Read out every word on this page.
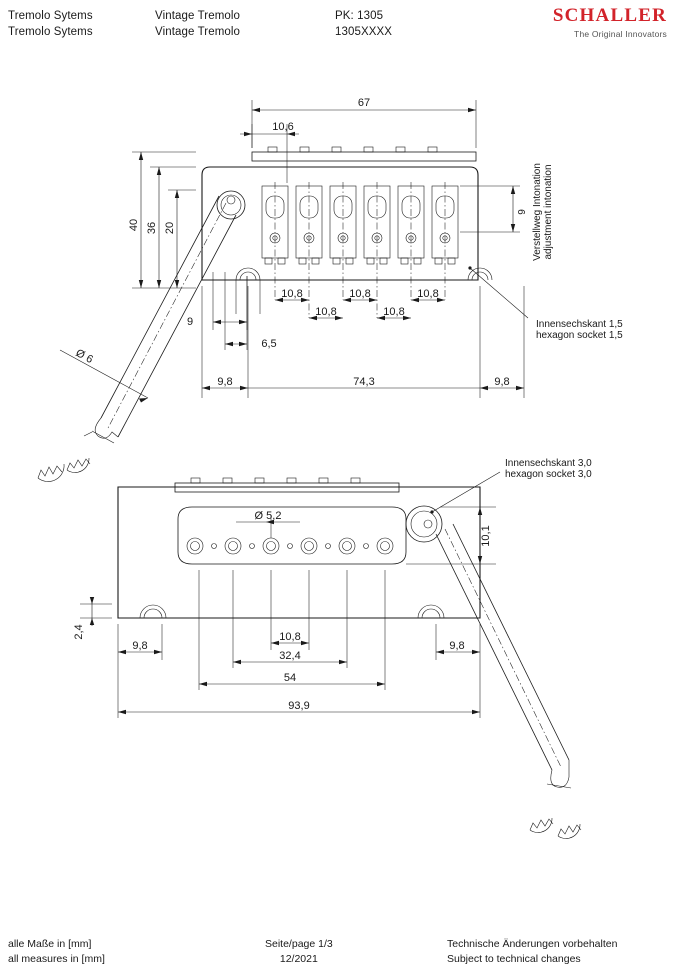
Tremolo Sytems
Tremolo Sytems
Vintage Tremolo
Vintage Tremolo
PK: 1305
1305XXXX
SCHALLER
The Original Innovators
67
10,6
40 36 20
9 Verstellweg Intonation adjustment intonation
10,8	10,8	10,8
10,8	10,8
Innensechskant 1,5
hexagon socket 1,5
9
6,5
Ø 6
9,8	74,3	9,8
Innensechskant 3,0
hexagon socket 3,0
Ø 5,2
10,1
2,4
9,8
10,8
32,4
54
9,8
93,9
alle Maße in [mm]
all measures in [mm]
Seite/page 1/3
12/2021
Technische Änderungen vorbehalten
Subject to technical changes
